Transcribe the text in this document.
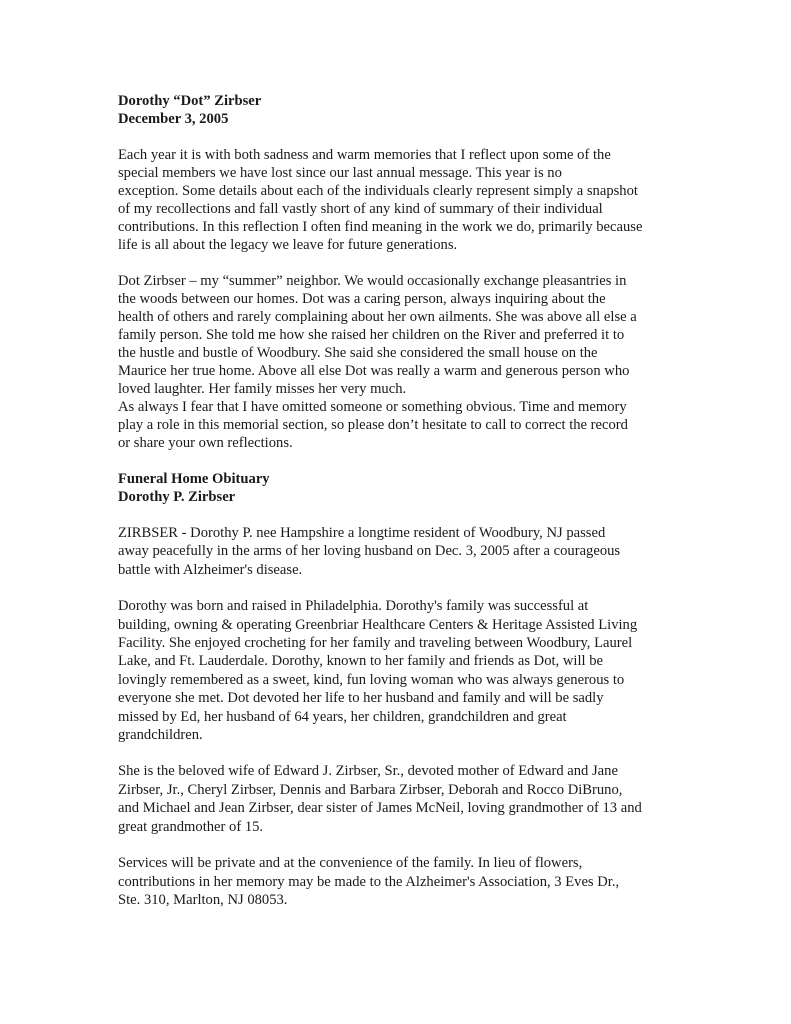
Dorothy “Dot” Zirbser

December 3, 2005

Each year it is with both sadness and warm memories that I reflect upon some of the
special members we have lost since our last annual message. This year is no
exception. Some details about each of the individuals clearly represent simply a snapshot
of my recollections and fall vastly short of any kind of summary of their individual
contributions. In this reflection I often find meaning in the work we do, primarily because
life is all about the legacy we leave for future generations.

Dot Zirbser – my “summer” neighbor. We would occasionally exchange pleasantries in
the woods between our homes. Dot was a caring person, always inquiring about the
health of others and rarely complaining about her own ailments. She was above all else a
family person. She told me how she raised her children on the River and preferred it to
the hustle and bustle of Woodbury. She said she considered the small house on the
Maurice her true home. Above all else Dot was really a warm and generous person who
loved laughter. Her family misses her very much.

As always I fear that I have omitted someone or something obvious. Time and memory
play a role in this memorial section, so please don’t hesitate to call to correct the record
or share your own reflections.

Funeral Home Obituary

Dorothy P. Zirbser

ZIRBSER - Dorothy P. nee Hampshire a longtime resident of Woodbury, NJ passed
away peacefully in the arms of her loving husband on Dec. 3, 2005 after a courageous
battle with Alzheimer's disease.

Dorothy was born and raised in Philadelphia. Dorothy's family was successful at
building, owning & operating Greenbriar Healthcare Centers & Heritage Assisted Living
Facility. She enjoyed crocheting for her family and traveling between Woodbury, Laurel
Lake, and Ft. Lauderdale. Dorothy, known to her family and friends as Dot, will be
lovingly remembered as a sweet, kind, fun loving woman who was always generous to
everyone she met. Dot devoted her life to her husband and family and will be sadly
missed by Ed, her husband of 64 years, her children, grandchildren and great
grandchildren.

She is the beloved wife of Edward J. Zirbser, Sr., devoted mother of Edward and Jane
Zirbser, Jr., Cheryl Zirbser, Dennis and Barbara Zirbser, Deborah and Rocco DiBruno,
and Michael and Jean Zirbser, dear sister of James McNeil, loving grandmother of 13 and
great grandmother of 15.

Services will be private and at the convenience of the family. In lieu of flowers,
contributions in her memory may be made to the Alzheimer's Association, 3 Eves Dr.,
Ste. 310, Marlton, NJ 08053.
